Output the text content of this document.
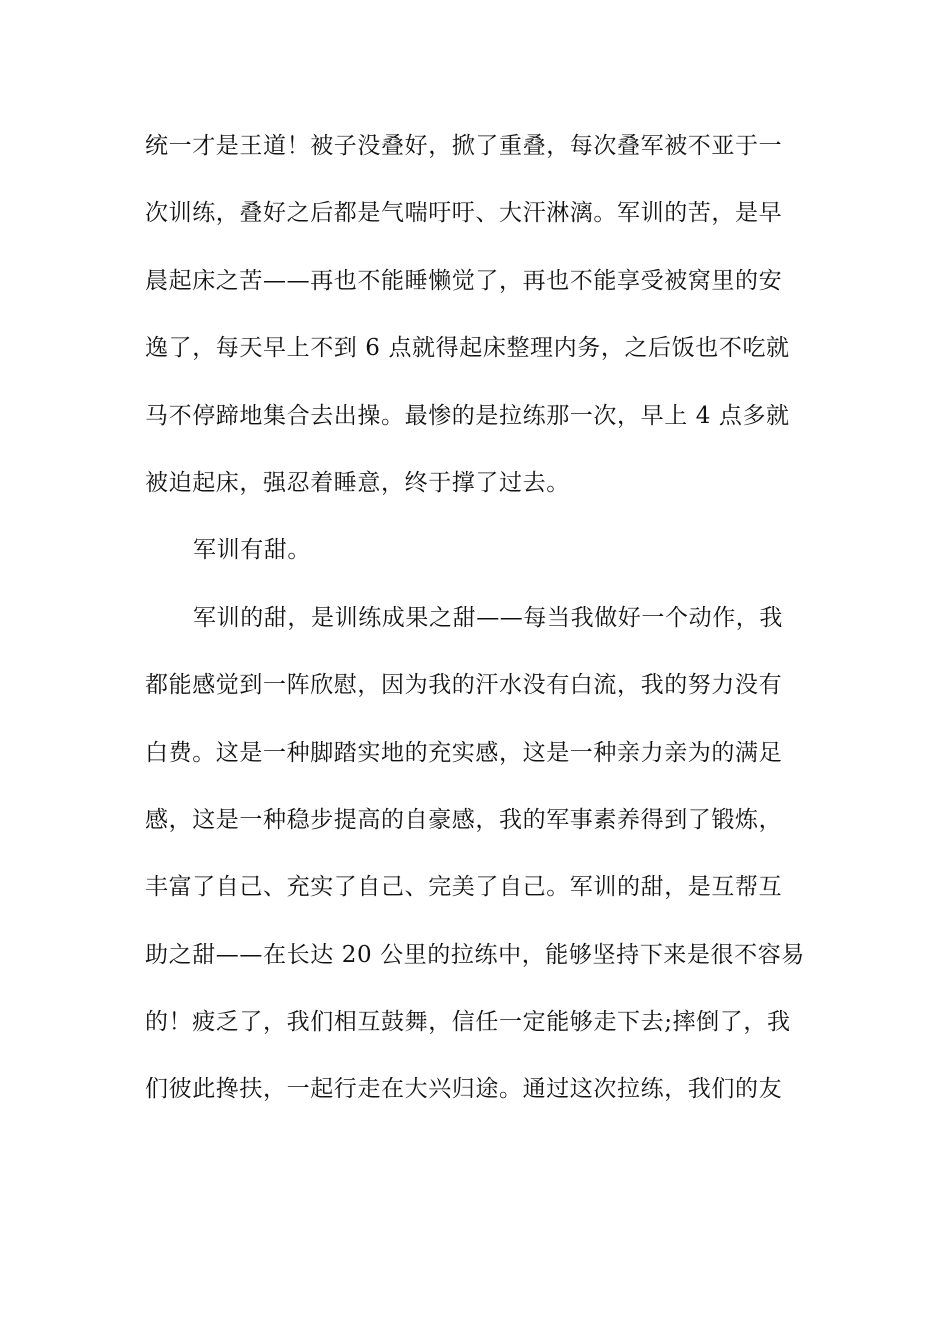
统一才是王道！被子没叠好，掀了重叠，每次叠军被不亚于一
次训练，叠好之后都是气喘吁吁、大汗淋漓。军训的苦，是早
晨起床之苦——再也不能睡懒觉了，再也不能享受被窝里的安
逸了，每天早上不到 6 点就得起床整理内务，之后饭也不吃就
马不停蹄地集合去出操。最惨的是拉练那一次，早上 4 点多就
被迫起床，强忍着睡意，终于撑了过去。
军训有甜。
军训的甜，是训练成果之甜——每当我做好一个动作，我
都能感觉到一阵欣慰，因为我的汗水没有白流，我的努力没有
白费。这是一种脚踏实地的充实感，这是一种亲力亲为的满足
感，这是一种稳步提高的自豪感，我的军事素养得到了锻炼，
丰富了自己、充实了自己、完美了自己。军训的甜，是互帮互
助之甜——在长达 20 公里的拉练中，能够坚持下来是很不容易
的！疲乏了，我们相互鼓舞，信任一定能够走下去;摔倒了，我
们彼此搀扶，一起行走在大兴归途。通过这次拉练，我们的友
